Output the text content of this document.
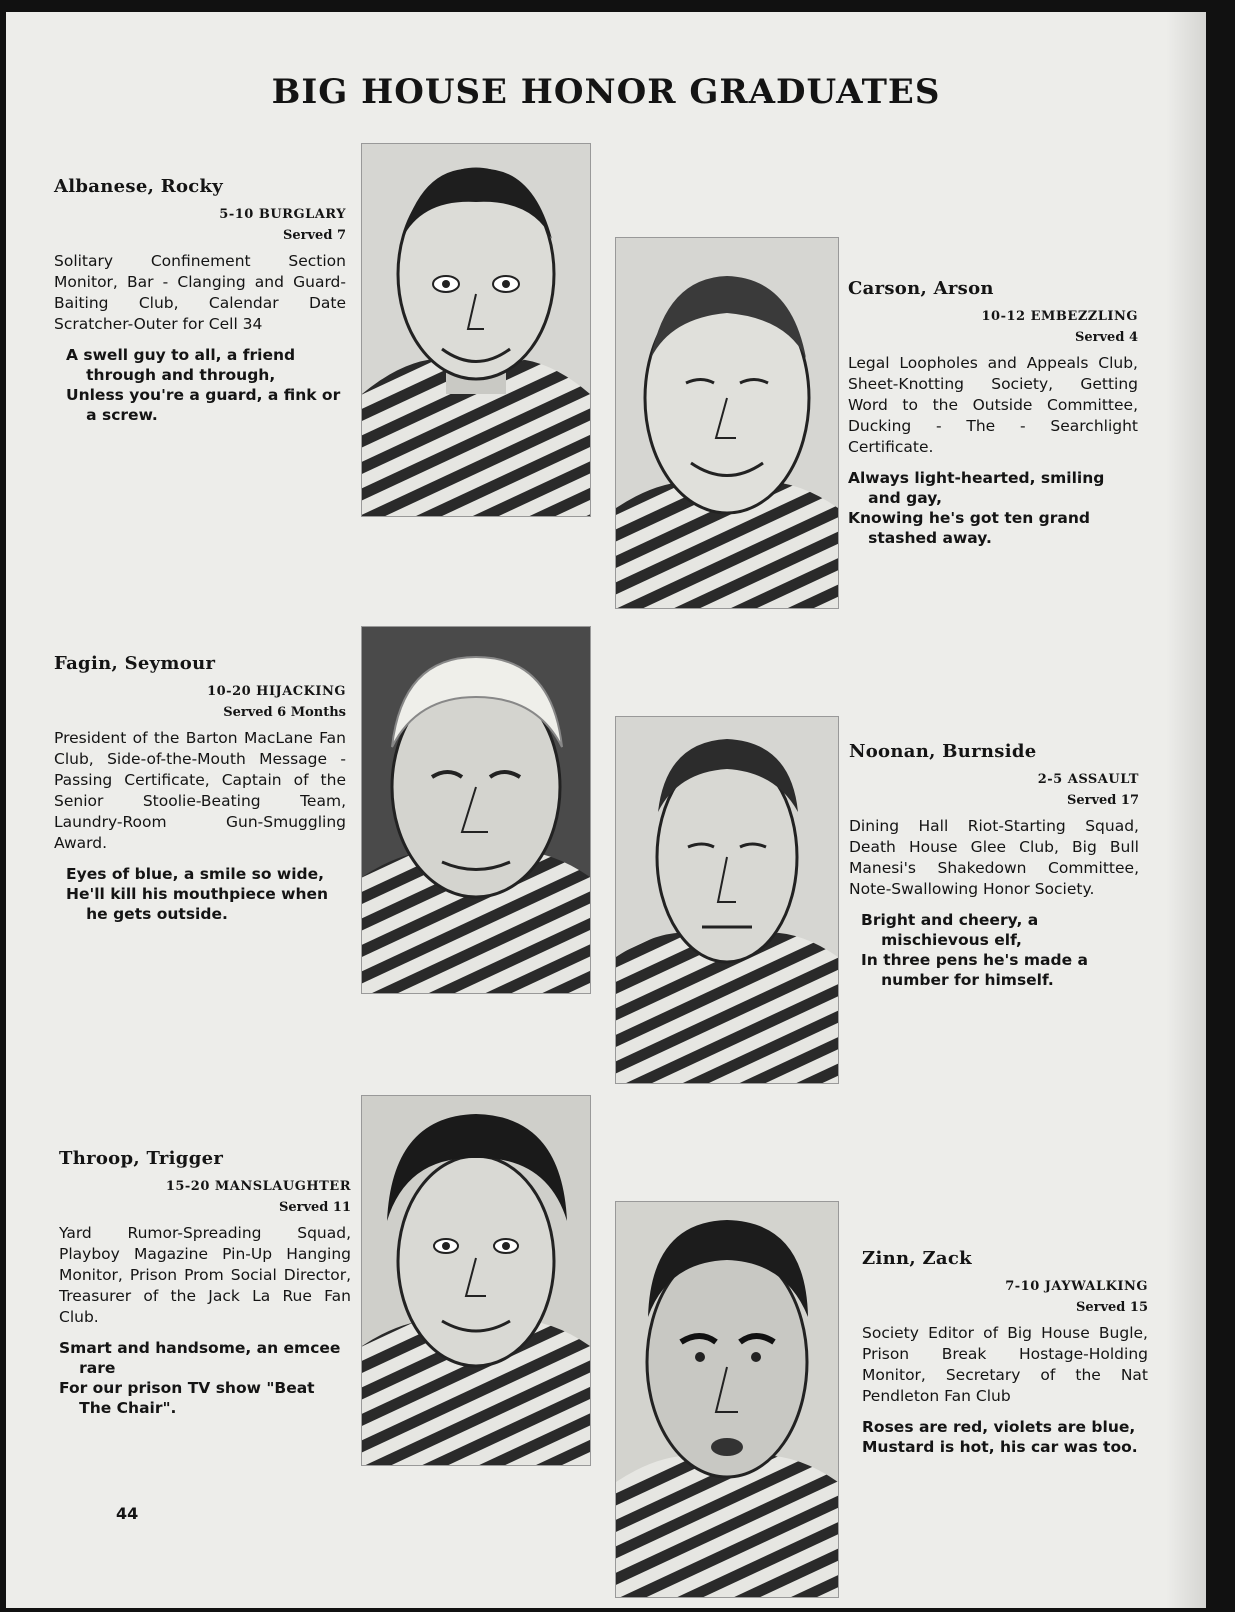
BIG HOUSE HONOR GRADUATES
Albanese, Rocky
5-10 BURGLARY
Served 7
Solitary Confinement Section Monitor, Bar - Clanging and Guard-Baiting Club, Calendar Date Scratcher-Outer for Cell 34
A swell guy to all, a friend through and through,
Unless you're a guard, a fink or a screw.
Carson, Arson
10-12 EMBEZZLING
Served 4
Legal Loopholes and Appeals Club, Sheet-Knotting Society, Getting Word to the Outside Committee, Ducking - The - Searchlight Certificate.
Always light-hearted, smiling and gay,
Knowing he's got ten grand stashed away.
Fagin, Seymour
10-20 HIJACKING
Served 6 Months
President of the Barton MacLane Fan Club, Side-of-the-Mouth Message - Passing Certificate, Captain of the Senior Stoolie-Beating Team, Laundry-Room Gun-Smuggling Award.
Eyes of blue, a smile so wide,
He'll kill his mouthpiece when he gets outside.
Noonan, Burnside
2-5 ASSAULT
Served 17
Dining Hall Riot-Starting Squad, Death House Glee Club, Big Bull Manesi's Shakedown Committee, Note-Swallowing Honor Society.
Bright and cheery, a mischievous elf,
In three pens he's made a number for himself.
Throop, Trigger
15-20 MANSLAUGHTER
Served 11
Yard Rumor-Spreading Squad, Playboy Magazine Pin-Up Hanging Monitor, Prison Prom Social Director, Treasurer of the Jack La Rue Fan Club.
Smart and handsome, an emcee rare
For our prison TV show "Beat The Chair".
Zinn, Zack
7-10 JAYWALKING
Served 15
Society Editor of Big House Bugle, Prison Break Hostage-Holding Monitor, Secretary of the Nat Pendleton Fan Club
Roses are red, violets are blue,
Mustard is hot, his car was too.
44
